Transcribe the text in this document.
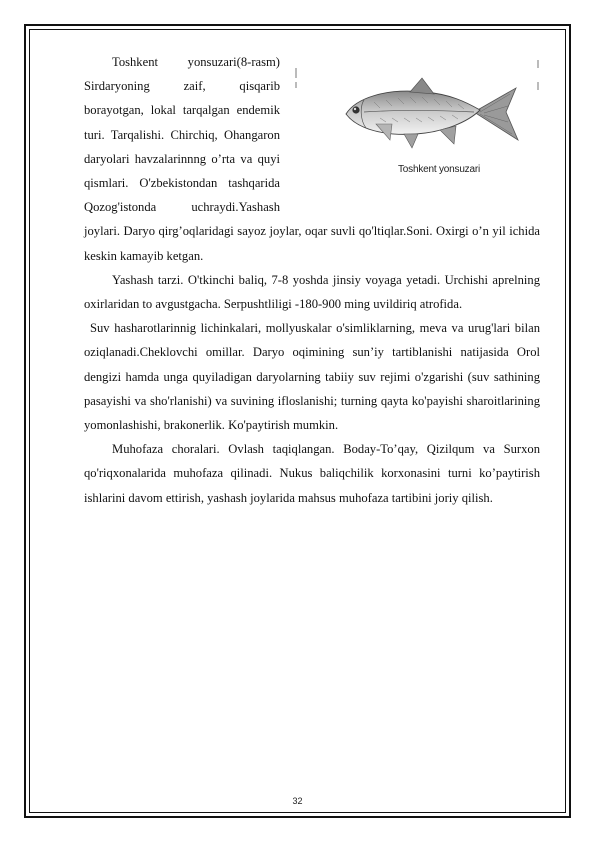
Toshkent yonsuzari
Toshkent yonsuzari(8-rasm) Sirdaryoning zaif, qisqarib borayotgan, lokal tarqalgan endemik turi. Tarqalishi. Chirchiq, Ohangaron daryolari havzalarinnng o’rta va quyi qismlari. O'zbekistondan tashqarida Qozog'istonda uchraydi.Yashash joylari. Daryo qirg’oqlaridagi sayoz joylar, oqar suvli qo'ltiqlar.Soni. Oxirgi o’n yil ichida keskin kamayib ketgan.

Yashash tarzi. O'tkinchi baliq, 7-8 yoshda jinsiy voyaga yetadi. Urchishi aprelning oxirlaridan to avgustgacha. Serpushtliligi -180-900 ming uvildiriq atrofida.

Suv hasharotlarinnig lichinkalari, mollyuskalar o'simliklarning, meva va urug'lari bilan oziqlanadi.Cheklovchi omillar. Daryo oqimining sun’iy tartiblanishi natijasida Orol dengizi hamda unga quyiladigan daryolarning tabiiy suv rejimi o'zgarishi (suv sathining pasayishi va sho'rlanishi) va suvining ifloslanishi; turning qayta ko'payishi sharoitlarining yomonlashishi, brakonerlik. Ko'paytirish mumkin.

Muhofaza choralari. Ovlash taqiqlangan. Boday-To’qay, Qizilqum va Surxon qo'riqxonalarida muhofaza qilinadi. Nukus baliqchilik korxonasini turni ko’paytirish ishlarini davom ettirish, yashash joylarida mahsus muhofaza tartibini joriy qilish.

32
